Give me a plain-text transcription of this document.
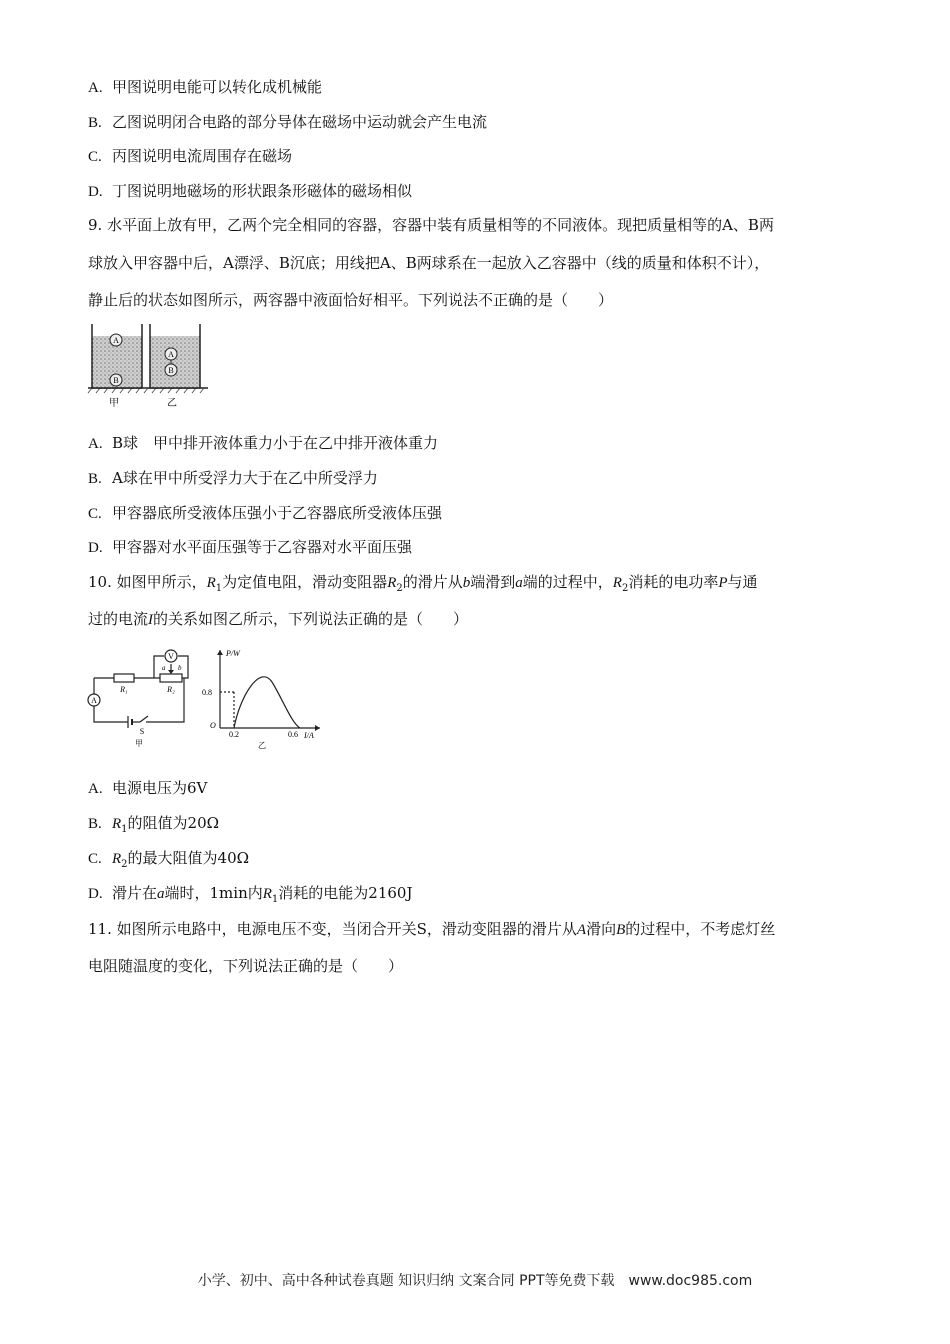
A. 甲图说明电能可以转化成机械能
B. 乙图说明闭合电路的部分导体在磁场中运动就会产生电流
C. 丙图说明电流周围存在磁场
D. 丁图说明地磁场的形状跟条形磁体的磁场相似
9. 水平面上放有甲，乙两个完全相同的容器，容器中装有质量相等的不同液体。现把质量相等的A、B两
球放入甲容器中后，A漂浮、B沉底；用线把A、B两球系在一起放入乙容器中（线的质量和体积不计），
静止后的状态如图所示，两容器中液面恰好相平。下列说法不正确的是（　　）
A
B
A
B
甲	乙
A. B球　甲中排开液体重力小于在乙中排开液体重力
B. A球在甲中所受浮力大于在乙中所受浮力
C. 甲容器底所受液体压强小于乙容器底所受液体压强
D. 甲容器对水平面压强等于乙容器对水平面压强
10. 如图甲所示，$R_1$为定值电阻，滑动变阻器$R_2$的滑片从b端滑到a端的过程中，$R_2$消耗的电功率P与通
过的电流I的关系如图乙所示，下列说法正确的是（　　）
V
A
R₁	R₂
a b
S
甲
P/W
I/A
O
0.8
0.2	0.6
乙
A. 电源电压为6V
B. $R_1$的阻值为20Ω
C. $R_2$的最大阻值为40Ω
D. 滑片在a端时，1min内$R_1$消耗的电能为2160J
11. 如图所示电路中，电源电压不变，当闭合开关S，滑动变阻器的滑片从A滑向B的过程中，不考虑灯丝
电阻随温度的变化，下列说法正确的是（　　）
小学、初中、高中各种试卷真题 知识归纳 文案合同 PPT等免费下载　www.doc985.com
